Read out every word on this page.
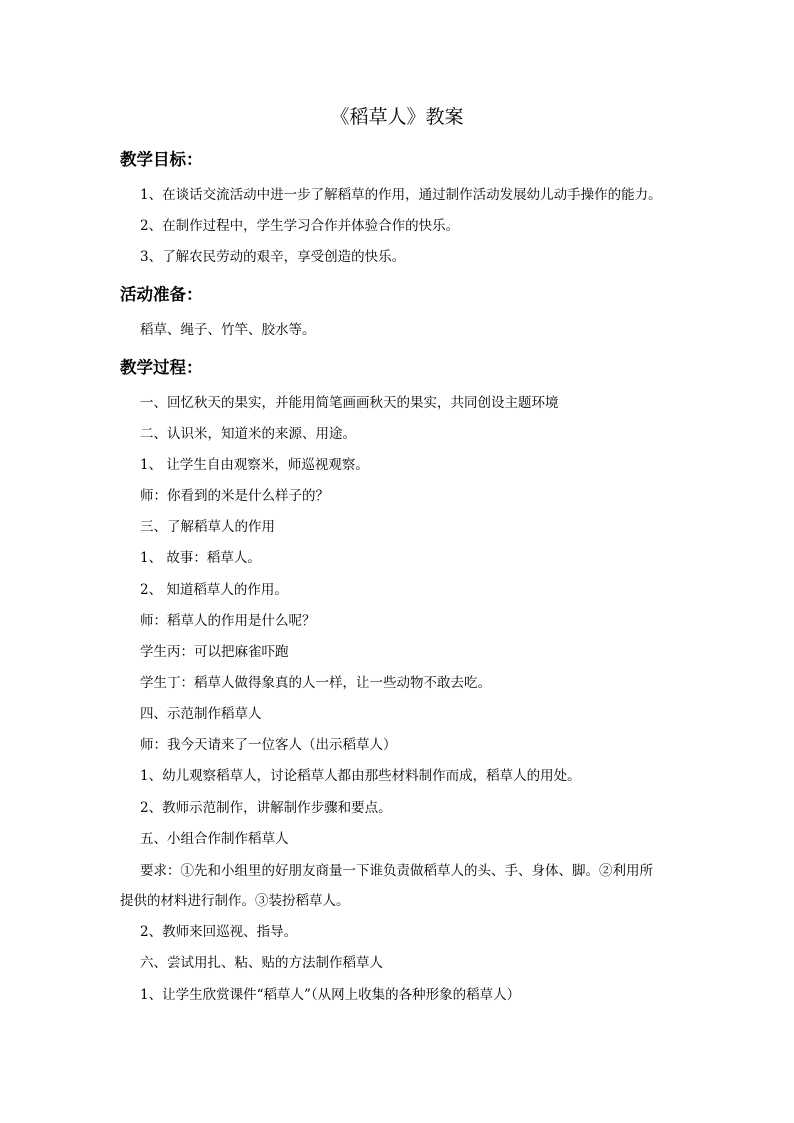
《稻草人》教案
教学目标：

1、在谈话交流活动中进一步了解稻草的作用，通过制作活动发展幼儿动手操作的能力。

2、在制作过程中，学生学习合作并体验合作的快乐。

3、了解农民劳动的艰辛，享受创造的快乐。

活动准备：

稻草、绳子、竹竿、胶水等。

教学过程：

一、回忆秋天的果实，并能用简笔画画秋天的果实，共同创设主题环境

二、认识米，知道米的来源、用途。

1、 让学生自由观察米，师巡视观察。

师：你看到的米是什么样子的？

三、了解稻草人的作用

1、 故事：稻草人。

2、 知道稻草人的作用。

师：稻草人的作用是什么呢？

学生丙：可以把麻雀吓跑

学生丁：稻草人做得象真的人一样，让一些动物不敢去吃。

四、示范制作稻草人

师：我今天请来了一位客人（出示稻草人）

1、幼儿观察稻草人，讨论稻草人都由那些材料制作而成，稻草人的用处。

2、教师示范制作，讲解制作步骤和要点。

五、小组合作制作稻草人

要求：①先和小组里的好朋友商量一下谁负责做稻草人的头、手、身体、脚。②利用所

提供的材料进行制作。③装扮稻草人。

2、教师来回巡视、指导。

六、尝试用扎、粘、贴的方法制作稻草人

1、让学生欣赏课件“稻草人”（从网上收集的各种形象的稻草人）
